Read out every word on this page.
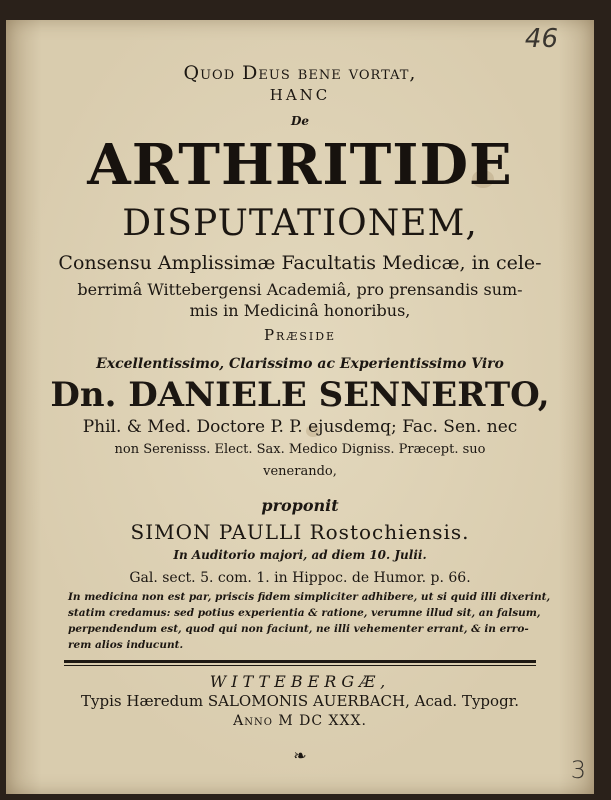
46
Quod Deus bene vortat,
HANC
De
ARTHRITIDE
DISPUTATIONEM,
Consensu Amplissimæ Facultatis Medicæ, in cele-
berrimâ Wittebergensi Academiâ, pro prensandis sum-
mis in Medicinâ honoribus,
Præside
Excellentissimo, Clarissimo ac Experientissimo Viro
Dn. DANIELE SENNERTO,
Phil. & Med. Doctore P. P. ejusdemq; Fac. Sen. nec
non Serenisss. Elect. Sax. Medico Digniss. Præcept. suo
venerando,
proponit
SIMON PAULLI Rostochiensis.
In Auditorio majori, ad diem 10. Julii.
Gal. sect. 5. com. 1. in Hippoc. de Humor. p. 66.
In medicina non est par, priscis fidem simpliciter adhibere, ut si quid illi dixerint,
statim credamus: sed potius experientia & ratione, verumne illud sit, an falsum,
perpendendum est, quod qui non faciunt, ne illi vehementer errant, & in erro-
rem alios inducunt.
WITTEBERGÆ,
Typis Hæredum SALOMONIS AUERBACH, Acad. Typogr.
Anno M DC XXX.
❧
3
